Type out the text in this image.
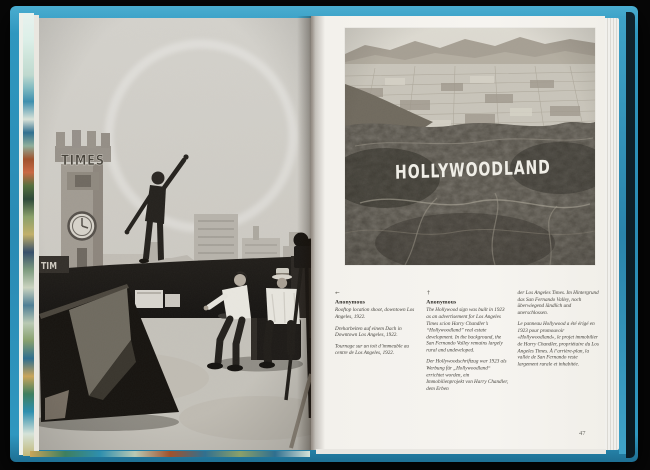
←
Anonymous

Rooftop location shoot, downtown Los Angeles, 1922.

Dreharbeiten auf einem Dach in Downtown Los Angeles, 1922.

Tournage sur un toit d’immeuble au centre de Los Angeles, 1922.

↑
Anonymous

The Hollywood sign was built in 1923 as an advertisement for Los Angeles Times scion Harry Chandler’s “Hollywoodland” real estate development. In the background, the San Fernando Valley remains largely rural and undeveloped.

Der Hollywoodschriftzug war 1923 als Werbung für „Hollywoodland“ errichtet worden, ein Immobilienprojekt von Harry Chandler, dem Erben

der Los Angeles Times. Im Hintergrund das San Fernando Valley, noch überwiegend ländlich und unerschlossen.

Le panneau Hollywood a été érigé en 1923 pour promouvoir «Hollywoodland», le projet immobilier de Harry Chandler, propriétaire du Los Angeles Times. À l’arrière-plan, la vallée de San Fernando reste largement rurale et inhabitée.

47
